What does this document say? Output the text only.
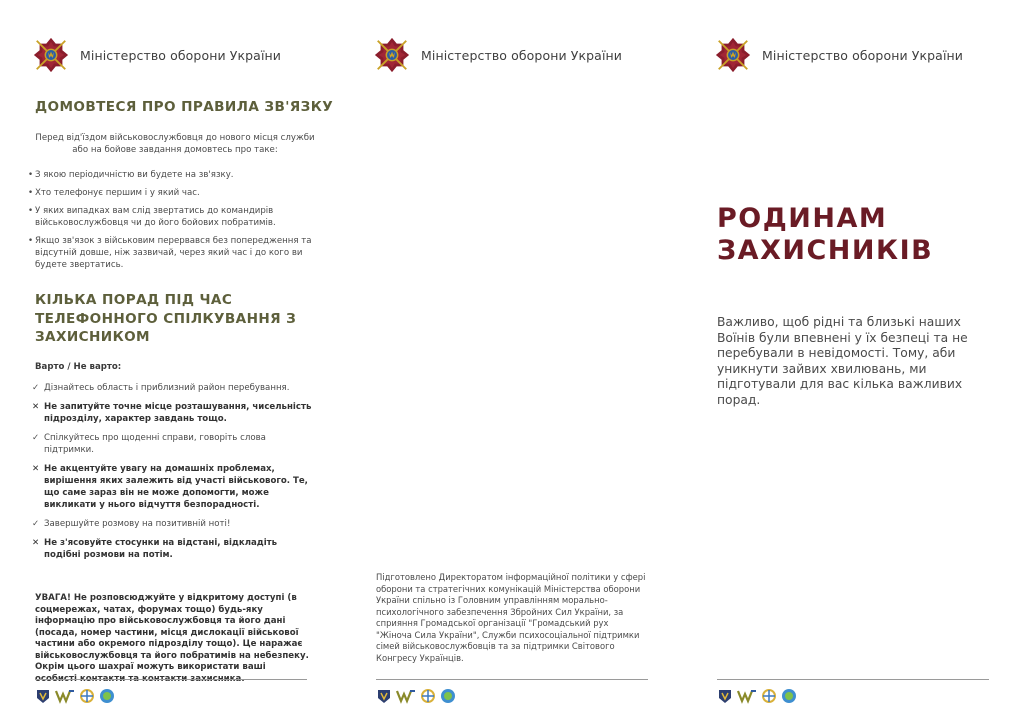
Міністерство оборони України
ДОМОВТЕСЯ ПРО ПРАВИЛА ЗВ'ЯЗКУ
Перед від'їздом військовослужбовця до нового місця служби або на бойове завдання домовтесь про таке:
• З якою періодичністю ви будете на зв'язку.
• Хто телефонує першим і у який час.
• У яких випадках вам слід звертатись до командирів військовослужбовця чи до його бойових побратимів.
• Якщо зв'язок з військовим перервався без попередження та відсутній довше, ніж зазвичай, через який час і до кого ви будете звертатись.
КІЛЬКА ПОРАД ПІД ЧАС ТЕЛЕФОННОГО СПІЛКУВАННЯ З ЗАХИСНИКОМ
Варто / Не варто:
✓ Дізнайтесь область і приблизний район перебування.
✕ Не запитуйте точне місце розташування, чисельність підрозділу, характер завдань тощо.
✓ Спілкуйтесь про щоденні справи, говоріть слова підтримки.
✕ Не акцентуйте увагу на домашніх проблемах, вирішення яких залежить від участі військового. Те, що саме зараз він не може допомогти, може викликати у нього відчуття безпорадності.
✓ Завершуйте розмову на позитивній ноті!
✕ Не з'ясовуйте стосунки на відстані, відкладіть подібні розмови на потім.
УВАГА! Не розповсюджуйте у відкритому доступі (в соцмережах, чатах, форумах тощо) будь-яку інформацію про військовослужбовця та його дані (посада, номер частини, місця дислокації військової частини або окремого підрозділу тощо). Це наражає військовослужбовця та його побратимів на небезпеку. Окрім цього шахраї можуть використати ваші
Міністерство оборони України
Підготовлено Директоратом інформаційної політики у сфері оборони та стратегічних комунікацій Міністерства оборони України спільно із Головним управлінням морально-психологічного забезпечення Збройних Сил України, за сприяння Громадської організації "Громадський рух "Жіноча Сила України", Служби психосоціальної підтримки сімей військовослужбовців та за підтримки Світового Конгресу Українців.
Міністерство оборони України
РОДИНАМ
ЗАХИСНИКІВ
Важливо, щоб рідні та близькі наших Воїнів були впевнені у їх безпеці та не перебували в невідомості. Тому, аби уникнути зайвих хвилювань, ми підготували для вас кілька важливих порад.
